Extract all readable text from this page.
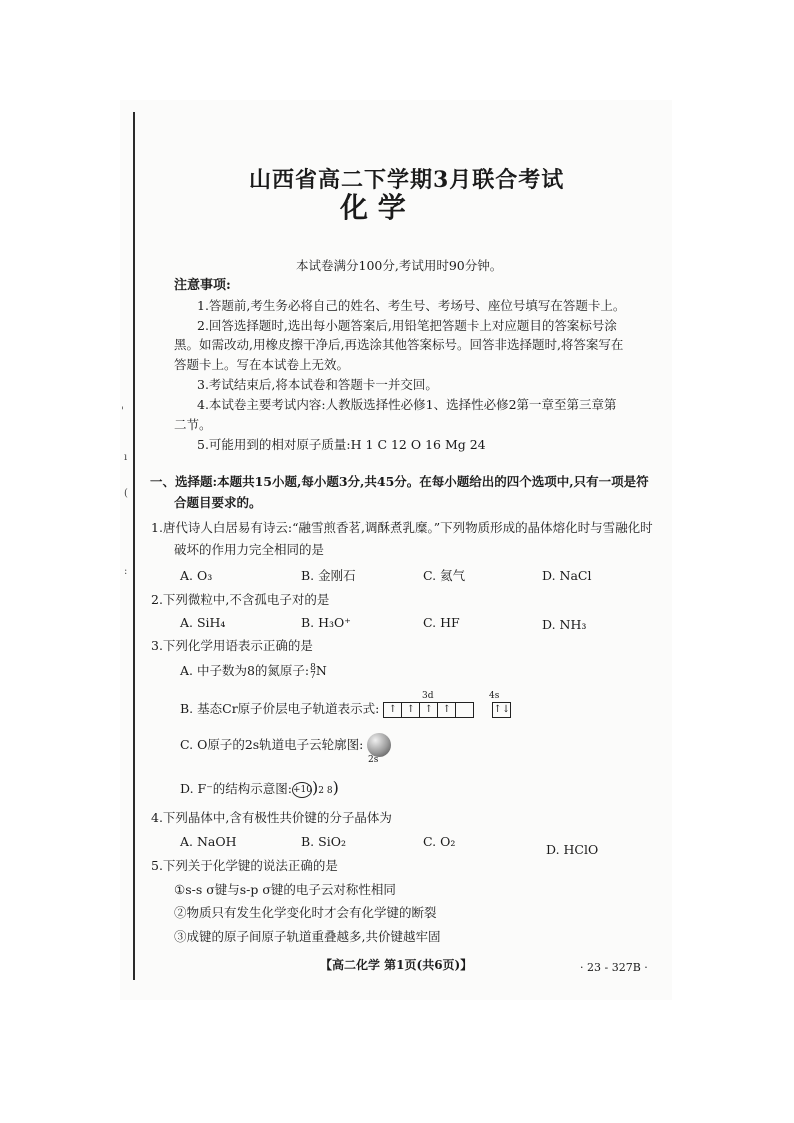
'
ı
(
:
山西省高二下学期3月联合考试
化 学
本试卷满分100分,考试用时90分钟。
注意事项:
1.答题前,考生务必将自己的姓名、考生号、考场号、座位号填写在答题卡上。
2.回答选择题时,选出每小题答案后,用铅笔把答题卡上对应题目的答案标号涂
黑。如需改动,用橡皮擦干净后,再选涂其他答案标号。回答非选择题时,将答案写在
答题卡上。写在本试卷上无效。
3.考试结束后,将本试卷和答题卡一并交回。
4.本试卷主要考试内容:人教版选择性必修1、选择性必修2第一章至第三章第
二节。
5.可能用到的相对原子质量:H 1 C 12 O 16 Mg 24
一、选择题:本题共15小题,每小题3分,共45分。在每小题给出的四个选项中,只有一项是符
合题目要求的。
1.唐代诗人白居易有诗云:“融雪煎香茗,调酥煮乳糜。”下列物质形成的晶体熔化时与雪融化时
破坏的作用力完全相同的是
A. O₃	B. 金刚石	C. 氦气	D. NaCl
2.下列微粒中,不含孤电子对的是
A. SiH₄	B. H₃O⁺	C. HF	D. NH₃
3.下列化学用语表示正确的是
A. 中子数为8的氮原子: 8
7 N
3d	4s
B. 基态Cr原子价层电子轨道表示式: ↑ ↑ ↑ ↑
	↑↓
C. O原子的2s轨道电子云轮廓图:
2s
D. F⁻的结构示意图:+10)2 8)
4.下列晶体中,含有极性共价键的分子晶体为
A. NaOH	B. SiO₂	C. O₂
D. HClO
5.下列关于化学键的说法正确的是
①s-s σ键与s-p σ键的电子云对称性相同
②物质只有发生化学变化时才会有化学键的断裂
③成键的原子间原子轨道重叠越多,共价键越牢固
【高二化学 第1页(共6页)】	· 23 - 327B ·
